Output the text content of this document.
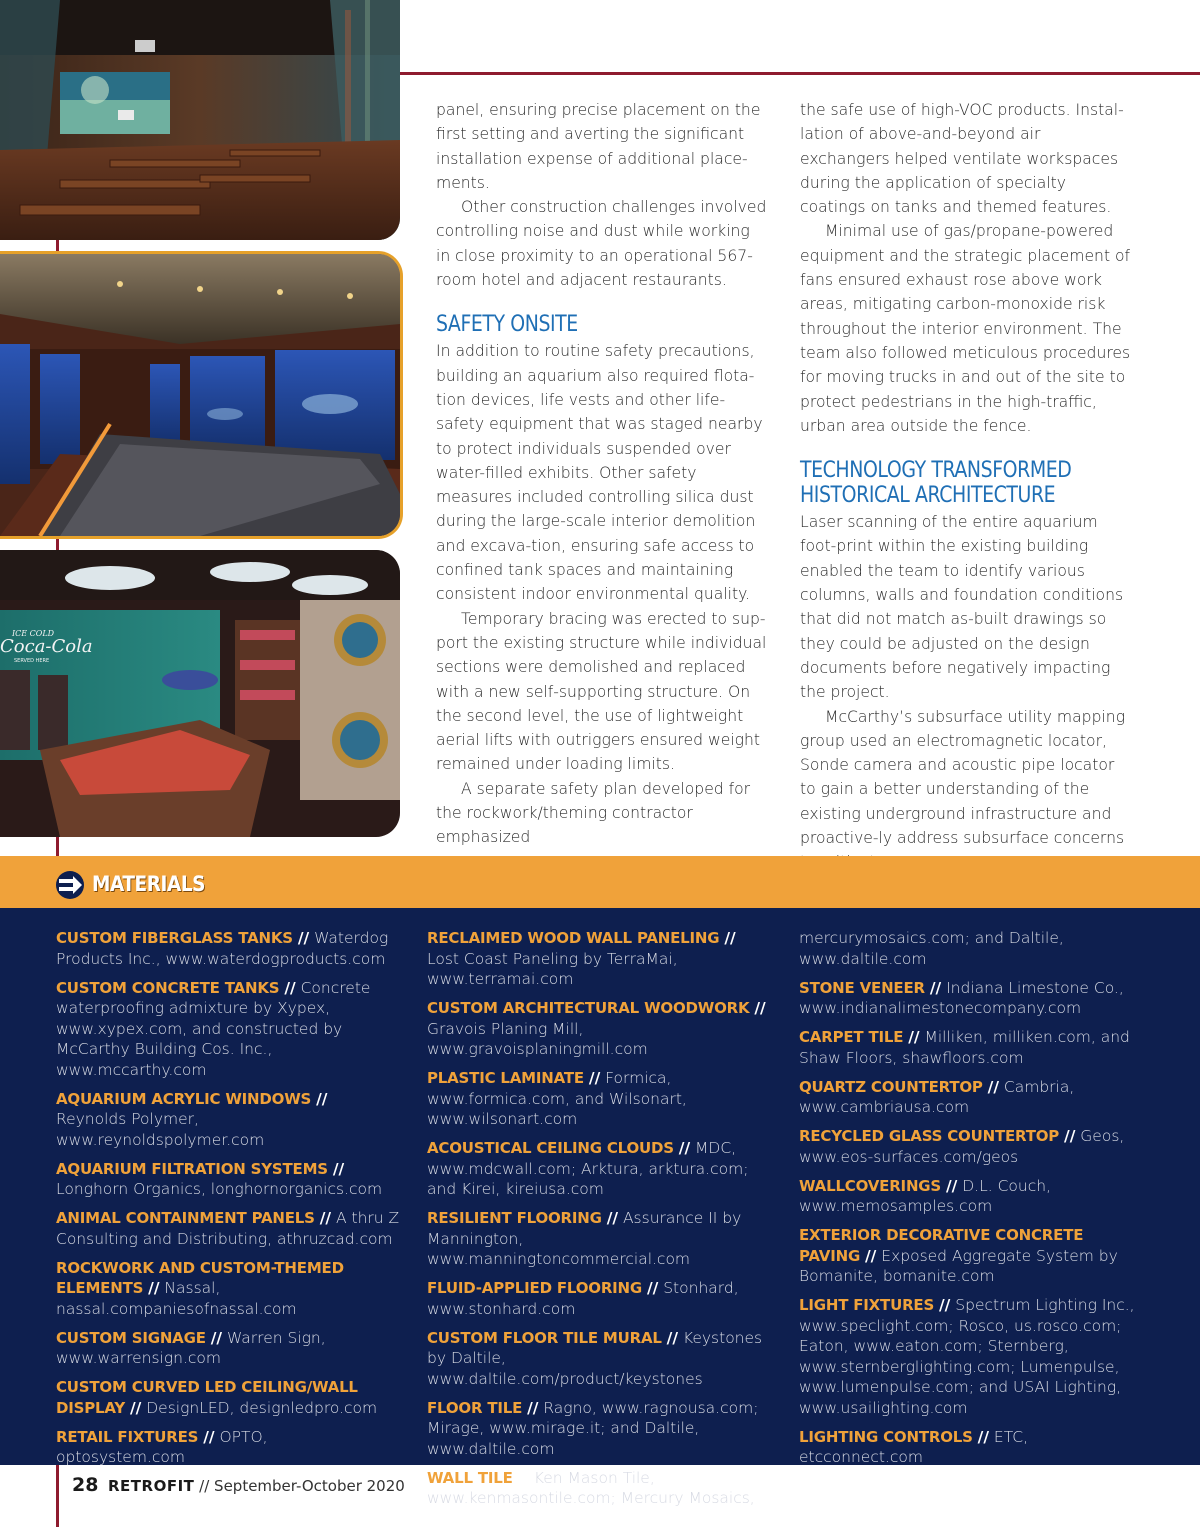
ICE COLD
Coca-Cola
SERVED HERE

panel, ensuring precise placement on the first setting and averting the significant installation expense of additional place-ments.

Other construction challenges involved controlling noise and dust while working in close proximity to an operational 567-room hotel and adjacent restaurants.

SAFETY ONSITE

In addition to routine safety precautions, building an aquarium also required flota-tion devices, life vests and other life-safety equipment that was staged nearby to protect individuals suspended over water-filled exhibits. Other safety measures included controlling silica dust during the large-scale interior demolition and excava-tion, ensuring safe access to confined tank spaces and maintaining consistent indoor environmental quality.

Temporary bracing was erected to sup-port the existing structure while individual sections were demolished and replaced with a new self-supporting structure. On the second level, the use of lightweight aerial lifts with outriggers ensured weight remained under loading limits.

A separate safety plan developed for the rockwork/theming contractor emphasized

the safe use of high-VOC products. Instal-lation of above-and-beyond air exchangers helped ventilate workspaces during the application of specialty coatings on tanks and themed features.

Minimal use of gas/propane-powered equipment and the strategic placement of fans ensured exhaust rose above work areas, mitigating carbon-monoxide risk throughout the interior environment. The team also followed meticulous procedures for moving trucks in and out of the site to protect pedestrians in the high-traffic, urban area outside the fence.

TECHNOLOGY TRANSFORMED
HISTORICAL ARCHITECTURE

Laser scanning of the entire aquarium foot-print within the existing building enabled the team to identify various columns, walls and foundation conditions that did not match as-built drawings so they could be adjusted on the design documents before negatively impacting the project.

McCarthy’s subsurface utility mapping group used an electromagnetic locator, Sonde camera and acoustic pipe locator to gain a better understanding of the existing underground infrastructure and proactive-ly address subsurface concerns

MATERIALS
CUSTOM FIBERGLASS TANKS // Waterdog Products Inc., www.waterdogproducts.com
CUSTOM CONCRETE TANKS // Concrete waterproofing admixture by Xypex, www.xypex.com, and constructed by McCarthy Building Cos. Inc., www.mccarthy.com
AQUARIUM ACRYLIC WINDOWS // Reynolds Polymer, www.reynoldspolymer.com
AQUARIUM FILTRATION SYSTEMS // Longhorn Organics, longhornorganics.com
ANIMAL CONTAINMENT PANELS // A thru Z Consulting and Distributing, athruzcad.com
ROCKWORK AND CUSTOM-THEMED ELEMENTS // Nassal, nassal.companiesofnassal.com
CUSTOM SIGNAGE // Warren Sign, www.warrensign.com
CUSTOM CURVED LED CEILING/WALL DISPLAY // DesignLED, designledpro.com
RETAIL FIXTURES // OPTO, optosystem.com
RECLAIMED WOOD WALL PANELING // Lost Coast Paneling by TerraMai, www.terramai.com
CUSTOM ARCHITECTURAL WOODWORK // Gravois Planing Mill, www.gravoisplaningmill.com
PLASTIC LAMINATE // Formica, www.formica.com, and Wilsonart, www.wilsonart.com
ACOUSTICAL CEILING CLOUDS // MDC, www.mdcwall.com; Arktura, arktura.com; and Kirei, kireiusa.com
RESILIENT FLOORING // Assurance II by Mannington, www.manningtoncommercial.com
FLUID-APPLIED FLOORING // Stonhard, www.stonhard.com
CUSTOM FLOOR TILE MURAL // Keystones by Daltile, www.daltile.com/product/keystones
FLOOR TILE // Ragno, www.ragnousa.com; Mirage, www.mirage.it; and Daltile, www.daltile.com
WALL TILE // Ken Mason Tile, www.kenmasontile.com; Mercury Mosaics,
mercurymosaics.com; and Daltile, www.daltile.com
STONE VENEER // Indiana Limestone Co., www.indianalimestonecompany.com
CARPET TILE // Milliken, milliken.com, and Shaw Floors, shawfloors.com
QUARTZ COUNTERTOP // Cambria, www.cambriausa.com
RECYCLED GLASS COUNTERTOP // Geos, www.eos-surfaces.com/geos
WALLCOVERINGS // D.L. Couch, www.memosamples.com
EXTERIOR DECORATIVE CONCRETE PAVING // Exposed Aggregate System by Bomanite, bomanite.com
LIGHT FIXTURES // Spectrum Lighting Inc., www.speclight.com; Rosco, us.rosco.com; Eaton, www.eaton.com; Sternberg, www.sternberglighting.com; Lumenpulse, www.lumenpulse.com; and USAI Lighting, www.usailighting.com
LIGHTING CONTROLS // ETC, etcconnect.com
28 RETROFIT // September-October 2020
